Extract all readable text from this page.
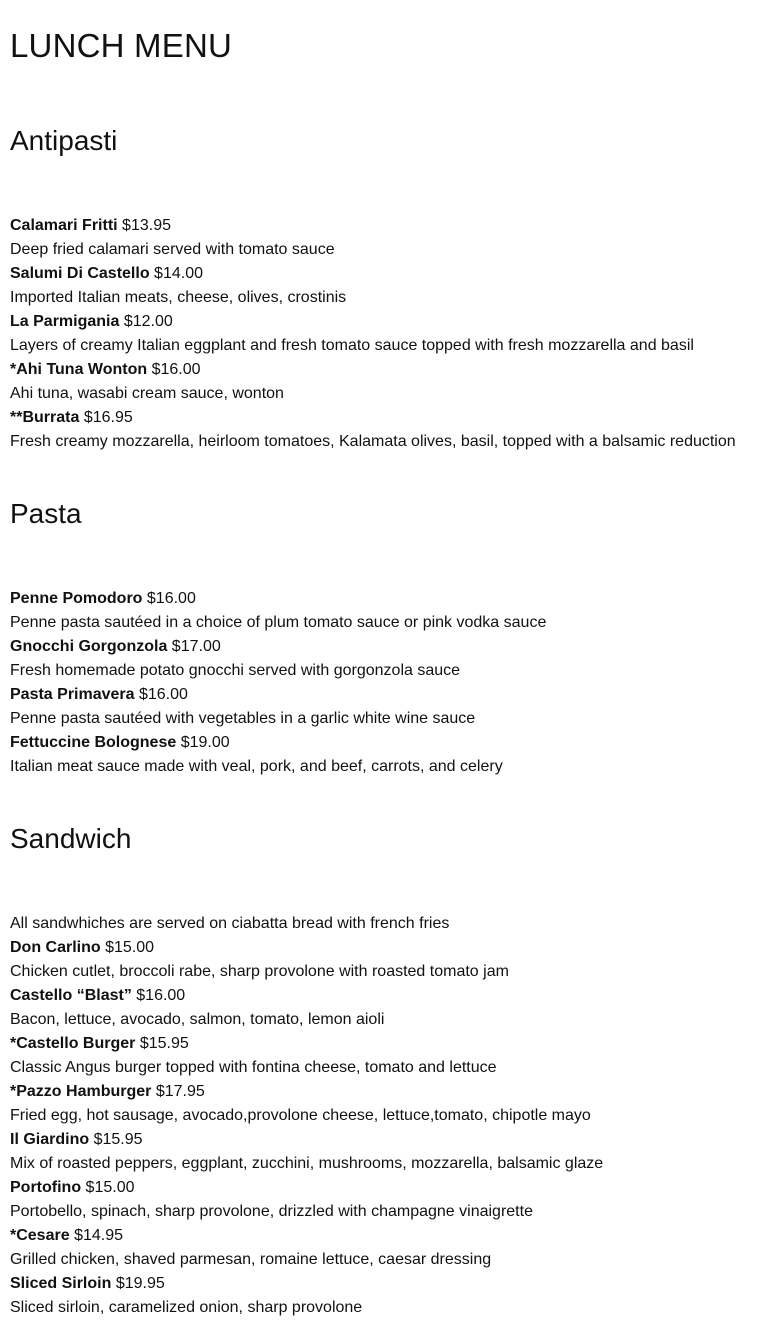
LUNCH MENU
Antipasti
Calamari Fritti $13.95
Deep fried calamari served with tomato sauce
Salumi Di Castello $14.00
Imported Italian meats, cheese, olives, crostinis
La Parmigania $12.00
Layers of creamy Italian eggplant and fresh tomato sauce topped with fresh mozzarella and basil
*Ahi Tuna Wonton $16.00
Ahi tuna, wasabi cream sauce, wonton
**Burrata $16.95
Fresh creamy mozzarella, heirloom tomatoes, Kalamata olives, basil, topped with a balsamic reduction
Pasta
Penne Pomodoro $16.00
Penne pasta sautéed in a choice of plum tomato sauce or pink vodka sauce
Gnocchi Gorgonzola $17.00
Fresh homemade potato gnocchi served with gorgonzola sauce
Pasta Primavera $16.00
Penne pasta sautéed with vegetables in a garlic white wine sauce
Fettuccine Bolognese $19.00
Italian meat sauce made with veal, pork, and beef, carrots, and celery
Sandwich
All sandwhiches are served on ciabatta bread with french fries
Don Carlino $15.00
Chicken cutlet, broccoli rabe, sharp provolone with roasted tomato jam
Castello “Blast” $16.00
Bacon, lettuce, avocado, salmon, tomato, lemon aioli
*Castello Burger $15.95
Classic Angus burger topped with fontina cheese, tomato and lettuce
*Pazzo Hamburger $17.95
Fried egg, hot sausage, avocado,provolone cheese, lettuce,tomato, chipotle mayo
Il Giardino $15.95
Mix of roasted peppers, eggplant, zucchini, mushrooms, mozzarella, balsamic glaze
Portofino $15.00
Portobello, spinach, sharp provolone, drizzled with champagne vinaigrette
*Cesare $14.95
Grilled chicken, shaved parmesan, romaine lettuce, caesar dressing
Sliced Sirloin $19.95
Sliced sirloin, caramelized onion, sharp provolone
